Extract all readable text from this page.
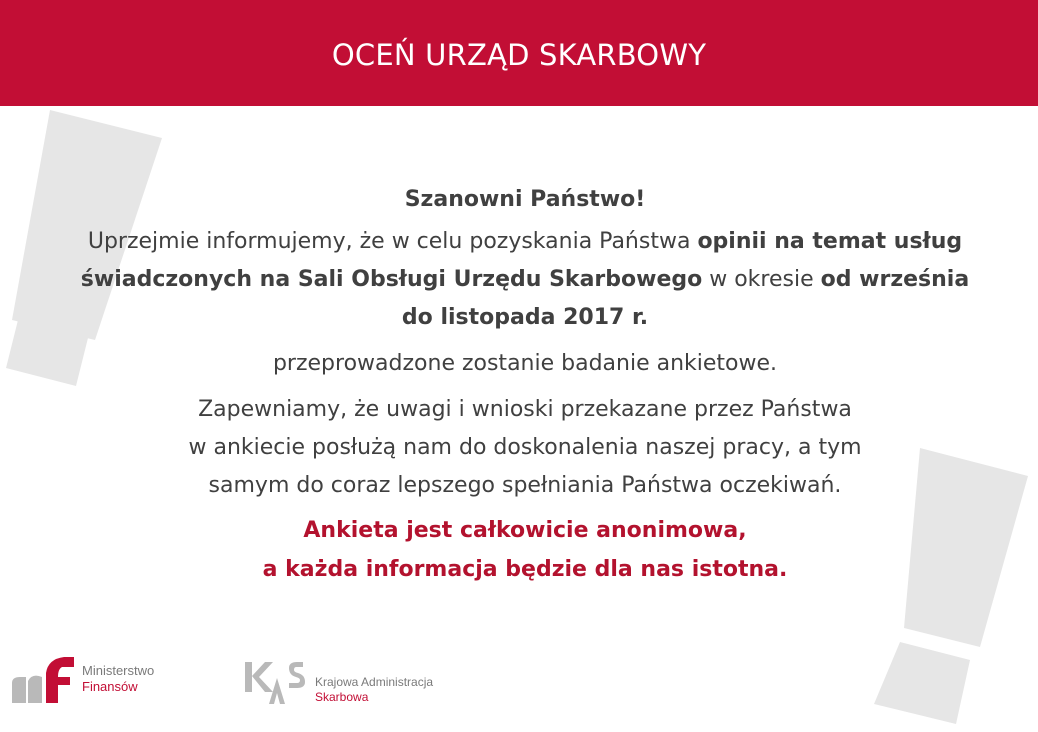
OCEŃ URZĄD SKARBOWY

Szanowni Państwo!

Uprzejmie informujemy, że w celu pozyskania Państwa opinii na temat usług świadczonych na Sali Obsługi Urzędu Skarbowego w okresie od września do listopada 2017 r.

przeprowadzone zostanie badanie ankietowe.

Zapewniamy, że uwagi i wnioski przekazane przez Państwa
w ankiecie posłużą nam do doskonalenia naszej pracy, a tym
samym do coraz lepszego spełniania Państwa oczekiwań.

Ankieta jest całkowicie anonimowa,
a każda informacja będzie dla nas istotna.

Ministerstwo
Finansów	Krajowa Administracja
Skarbowa
